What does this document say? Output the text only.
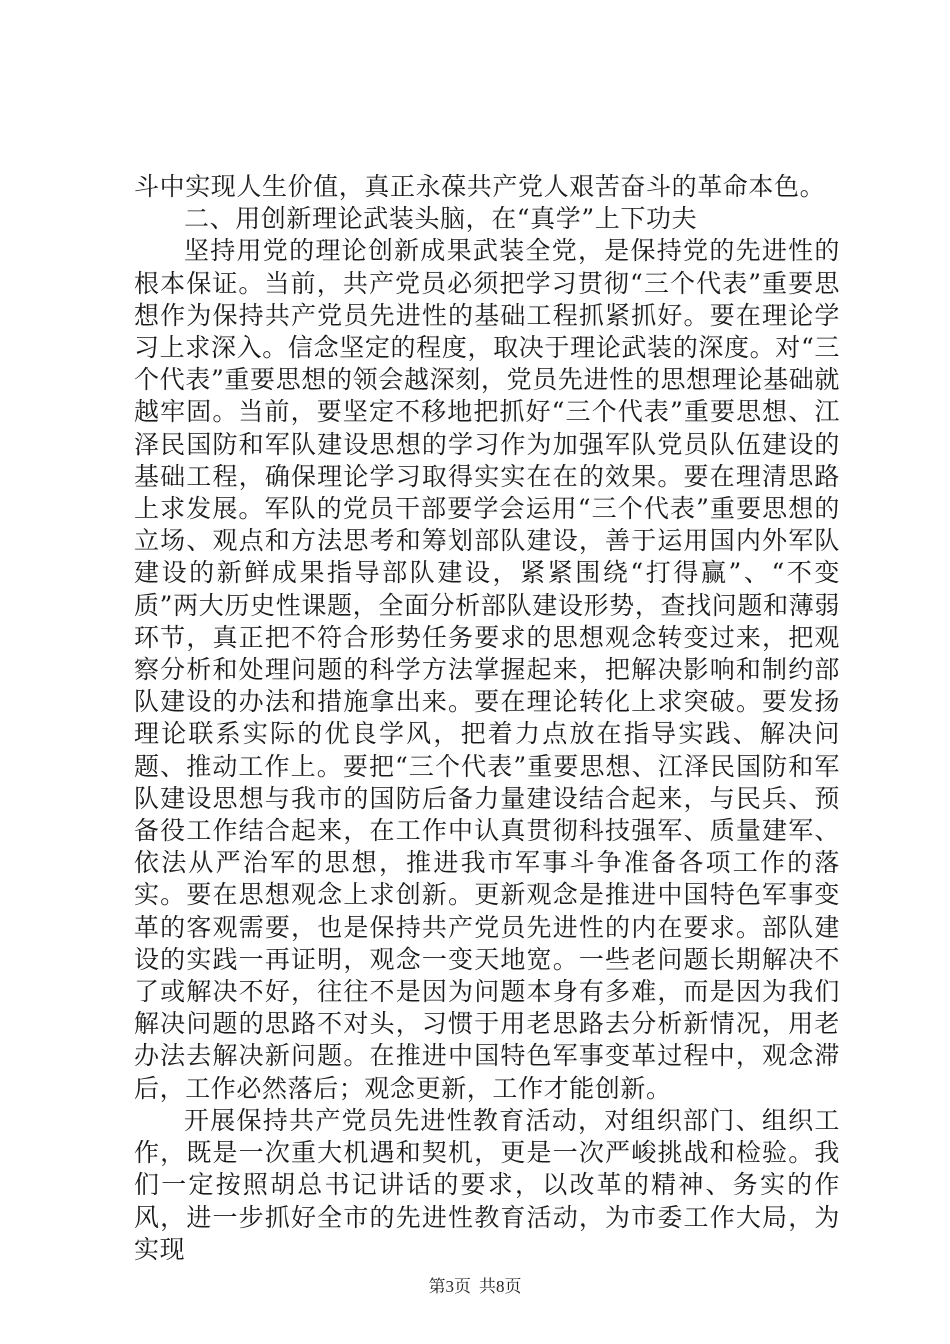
斗中实现人生价值，真正永葆共产党人艰苦奋斗的革命本色。

二、用创新理论武装头脑，在“真学”上下功夫

坚持用党的理论创新成果武装全党，是保持党的先进性的根本保证。当前，共产党员必须把学习贯彻“三个代表”重要思想作为保持共产党员先进性的基础工程抓紧抓好。要在理论学习上求深入。信念坚定的程度，取决于理论武装的深度。对“三个代表”重要思想的领会越深刻，党员先进性的思想理论基础就越牢固。当前，要坚定不移地把抓好“三个代表”重要思想、江泽民国防和军队建设思想的学习作为加强军队党员队伍建设的基础工程，确保理论学习取得实实在在的效果。要在理清思路上求发展。军队的党员干部要学会运用“三个代表”重要思想的立场、观点和方法思考和筹划部队建设，善于运用国内外军队建设的新鲜成果指导部队建设，紧紧围绕“打得赢”、“不变质”两大历史性课题，全面分析部队建设形势，查找问题和薄弱环节，真正把不符合形势任务要求的思想观念转变过来，把观察分析和处理问题的科学方法掌握起来，把解决影响和制约部队建设的办法和措施拿出来。要在理论转化上求突破。要发扬理论联系实际的优良学风，把着力点放在指导实践、解决问题、推动工作上。要把“三个代表”重要思想、江泽民国防和军队建设思想与我市的国防后备力量建设结合起来，与民兵、预备役工作结合起来，在工作中认真贯彻科技强军、质量建军、依法从严治军的思想，推进我市军事斗争准备各项工作的落实。要在思想观念上求创新。更新观念是推进中国特色军事变革的客观需要，也是保持共产党员先进性的内在要求。部队建设的实践一再证明，观念一变天地宽。一些老问题长期解决不了或解决不好，往往不是因为问题本身有多难，而是因为我们解决问题的思路不对头，习惯于用老思路去分析新情况，用老办法去解决新问题。在推进中国特色军事变革过程中，观念滞后，工作必然落后；观念更新，工作才能创新。

开展保持共产党员先进性教育活动，对组织部门、组织工作，既是一次重大机遇和契机，更是一次严峻挑战和检验。我们一定按照胡总书记讲话的要求，以改革的精神、务实的作风，进一步抓好全市的先进性教育活动，为市委工作大局，为实现

第3页 共8页
